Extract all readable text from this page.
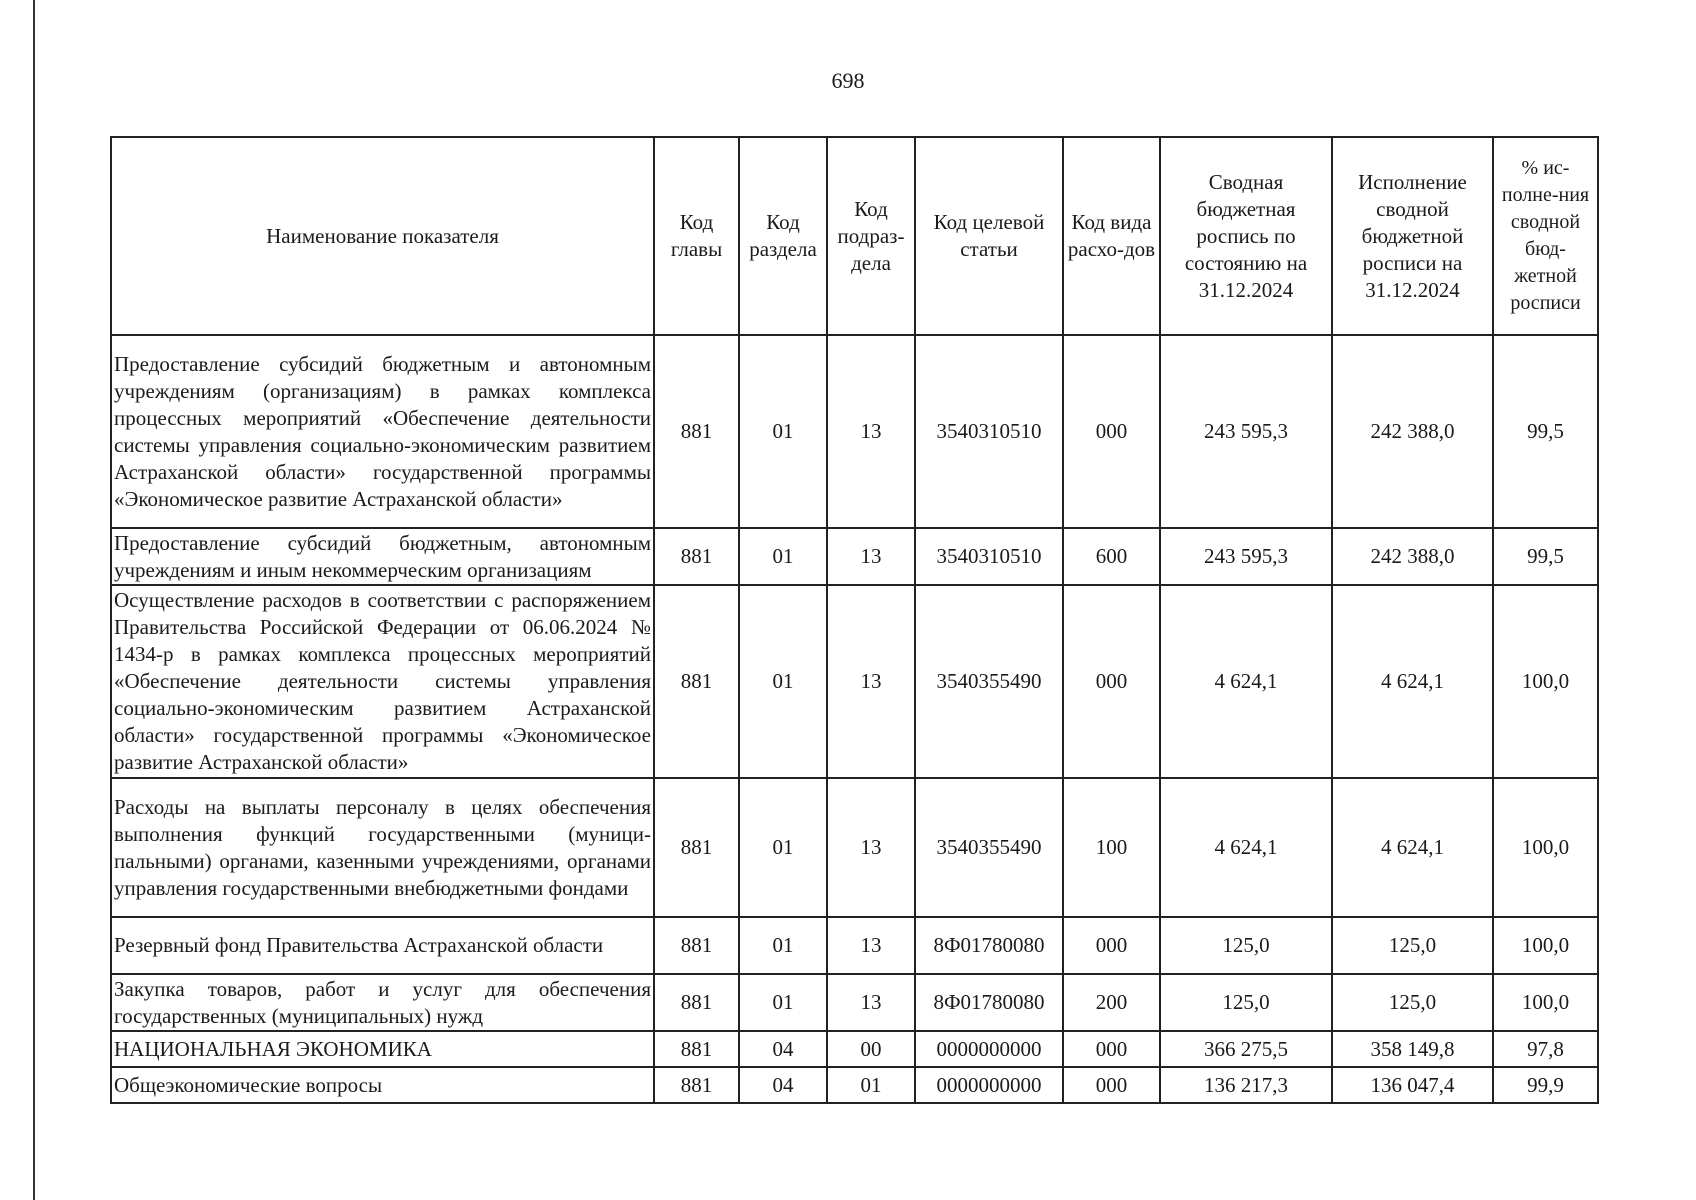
698
Наименование показателя	Код главы	Код раздела	Код подраз-дела	Код целевой статьи	Код вида расхо-дов	Сводная бюджетная роспись по состоянию на 31.12.2024	Исполнение сводной бюджетной росписи на 31.12.2024	% ис-полне-ния сводной бюд-жетной росписи
Предоставление субсидий бюджетным и автономным учреждениям (организациям) в рамках комплекса процессных мероприятий «Обеспечение деятельности системы управления социально-экономическим развитием Астраханской области» государственной программы «Экономическое развитие Астраханской области»	881	01	13	3540310510	000	243 595,3	242 388,0	99,5
Предоставление субсидий бюджетным, автономным учреждениям и иным некоммерческим организациям	881	01	13	3540310510	600	243 595,3	242 388,0	99,5
Осуществление расходов в соответствии с распоряжением Правительства Российской Федерации от 06.06.2024 № 1434-р в рамках комплекса процессных мероприятий «Обеспечение деятельности системы управления социально-экономическим развитием Астраханской области» государственной программы «Экономическое развитие Астраханской области»	881	01	13	3540355490	000	4 624,1	4 624,1	100,0
Расходы на выплаты персоналу в целях обеспечения выполнения функций государственными (муниципальными) органами, казенными учреждениями, органами управления государственными внебюджетными фондами	881	01	13	3540355490	100	4 624,1	4 624,1	100,0
Резервный фонд Правительства Астраханской области	881	01	13	8Ф01780080	000	125,0	125,0	100,0
Закупка товаров, работ и услуг для обеспечения государственных (муниципальных) нужд	881	01	13	8Ф01780080	200	125,0	125,0	100,0
НАЦИОНАЛЬНАЯ ЭКОНОМИКА	881	04	00	0000000000	000	366 275,5	358 149,8	97,8
Общеэкономические вопросы	881	04	01	0000000000	000	136 217,3	136 047,4	99,9
